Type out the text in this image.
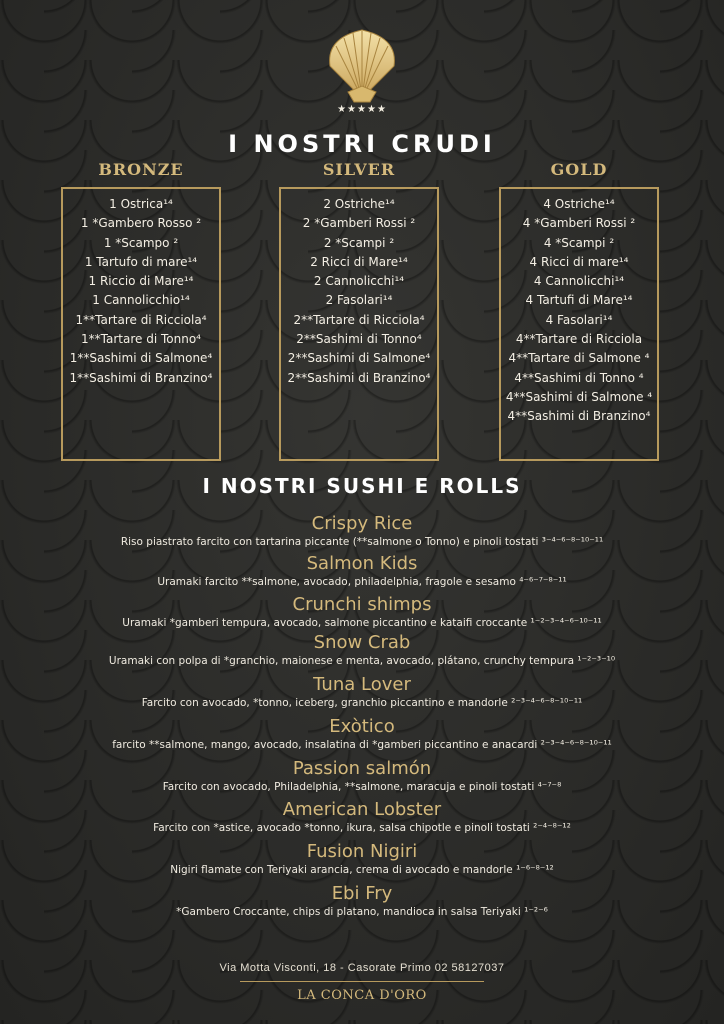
★★★★★
I NOSTRI CRUDI
BRONZE
1 Ostrica¹⁴
1 *Gambero Rosso ²
1 *Scampo ²
1 Tartufo di mare¹⁴
1 Riccio di Mare¹⁴
1 Cannolicchio¹⁴
1**Tartare di Ricciola⁴
1**Tartare di Tonno⁴
1**Sashimi di Salmone⁴
1**Sashimi di Branzino⁴
SILVER
2 Ostriche¹⁴
2 *Gamberi Rossi ²
2 *Scampi ²
2 Ricci di Mare¹⁴
2 Cannolicchi¹⁴
2 Fasolari¹⁴
2**Tartare di Ricciola⁴
2**Sashimi di Tonno⁴
2**Sashimi di Salmone⁴
2**Sashimi di Branzino⁴
GOLD
4 Ostriche¹⁴
4 *Gamberi Rossi ²
4 *Scampi ²
4 Ricci di mare¹⁴
4 Cannolicchi¹⁴
4 Tartufi di Mare¹⁴
4 Fasolari¹⁴
4**Tartare di Ricciola
4**Tartare di Salmone ⁴
4**Sashimi di Tonno ⁴
4**Sashimi di Salmone ⁴
4**Sashimi di Branzino⁴
I NOSTRI SUSHI E ROLLS
Crispy Rice
Riso piastrato farcito con tartarina piccante (**salmone o Tonno) e pinoli tostati ³⁻⁴⁻⁶⁻⁸⁻¹⁰⁻¹¹
Salmon Kids
Uramaki farcito **salmone, avocado, philadelphia, fragole e sesamo ⁴⁻⁶⁻⁷⁻⁸⁻¹¹
Crunchi shimps
Uramaki *gamberi tempura, avocado, salmone piccantino e kataifi croccante ¹⁻²⁻³⁻⁴⁻⁶⁻¹⁰⁻¹¹
Snow Crab
Uramaki con polpa di *granchio, maionese e menta, avocado, plátano, crunchy tempura ¹⁻²⁻³⁻¹⁰
Tuna Lover
Farcito con avocado, *tonno, iceberg, granchio piccantino e mandorle ²⁻³⁻⁴⁻⁶⁻⁸⁻¹⁰⁻¹¹
Exòtico
farcito **salmone, mango, avocado, insalatina di *gamberi piccantino e anacardi ²⁻³⁻⁴⁻⁶⁻⁸⁻¹⁰⁻¹¹
Passion salmón
Farcito con avocado, Philadelphia, **salmone, maracuja e pinoli tostati ⁴⁻⁷⁻⁸
American Lobster
Farcito con *astice, avocado *tonno, ikura, salsa chipotle e pinoli tostati ²⁻⁴⁻⁸⁻¹²
Fusion Nigiri
Nigiri flamate con Teriyaki arancia, crema di avocado e mandorle ¹⁻⁶⁻⁸⁻¹²
Ebi Fry
*Gambero Croccante, chips di platano, mandioca in salsa Teriyaki ¹⁻²⁻⁶
Via Motta Visconti, 18 - Casorate Primo 02 58127037
LA CONCA D'ORO
